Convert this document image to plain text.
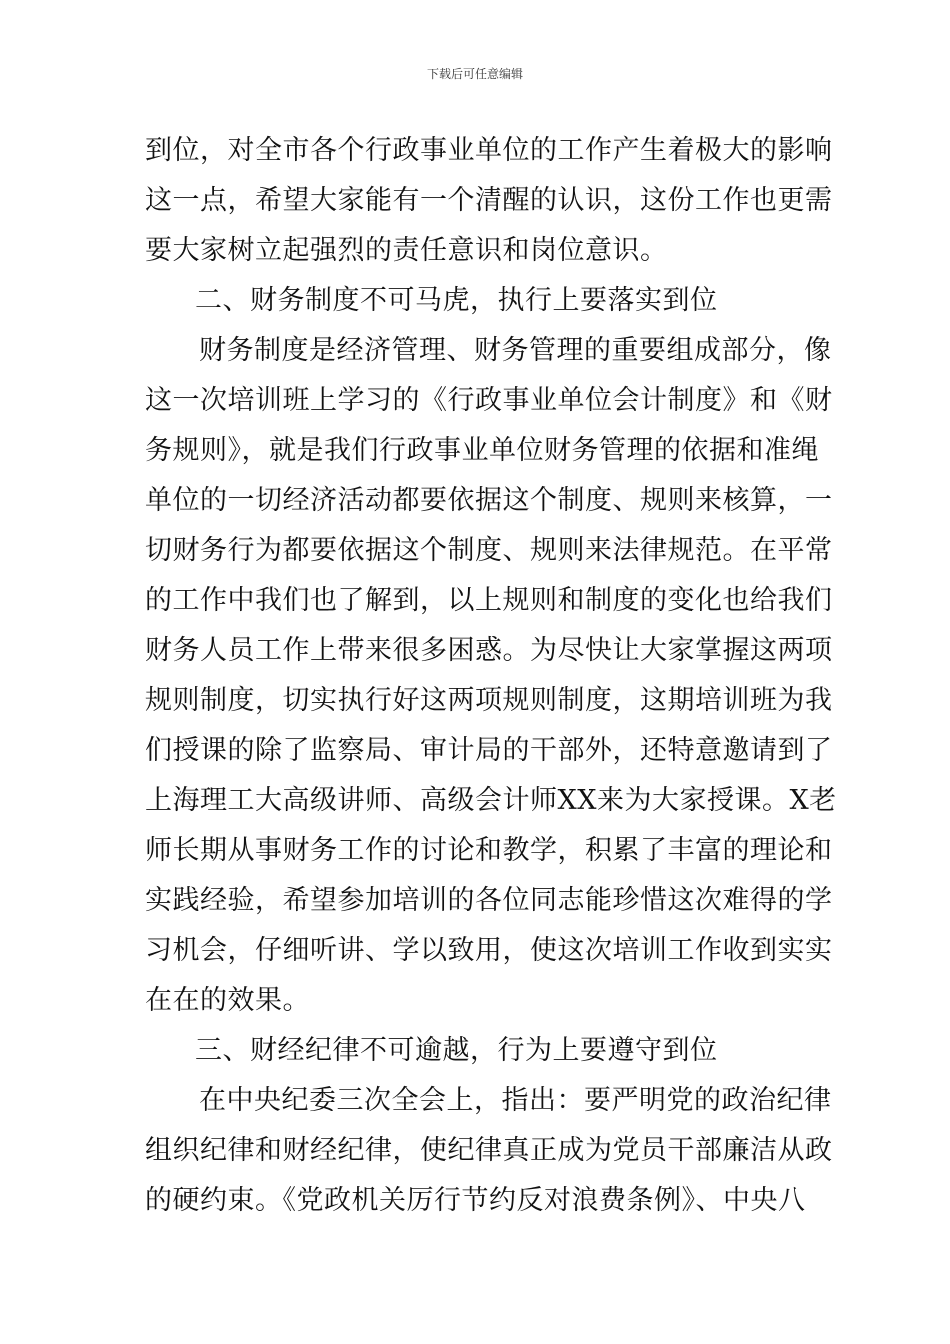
下载后可任意编辑
到位，对全市各个行政事业单位的工作产生着极大的影响
这一点，希望大家能有一个清醒的认识，这份工作也更需
要大家树立起强烈的责任意识和岗位意识。
二、财务制度不可马虎，执行上要落实到位
财务制度是经济管理、财务管理的重要组成部分，像
这一次培训班上学习的《行政事业单位会计制度》和《财
务规则》，就是我们行政事业单位财务管理的依据和准绳
单位的一切经济活动都要依据这个制度、规则来核算，一
切财务行为都要依据这个制度、规则来法律规范。在平常
的工作中我们也了解到，以上规则和制度的变化也给我们
财务人员工作上带来很多困惑。为尽快让大家掌握这两项
规则制度，切实执行好这两项规则制度，这期培训班为我
们授课的除了监察局、审计局的干部外，还特意邀请到了
上海理工大高级讲师、高级会计师XX来为大家授课。X老
师长期从事财务工作的讨论和教学，积累了丰富的理论和
实践经验，希望参加培训的各位同志能珍惜这次难得的学
习机会，仔细听讲、学以致用，使这次培训工作收到实实
在在的效果。
三、财经纪律不可逾越，行为上要遵守到位
在中央纪委三次全会上，指出：要严明党的政治纪律
组织纪律和财经纪律，使纪律真正成为党员干部廉洁从政
的硬约束。《党政机关厉行节约反对浪费条例》、中央八
